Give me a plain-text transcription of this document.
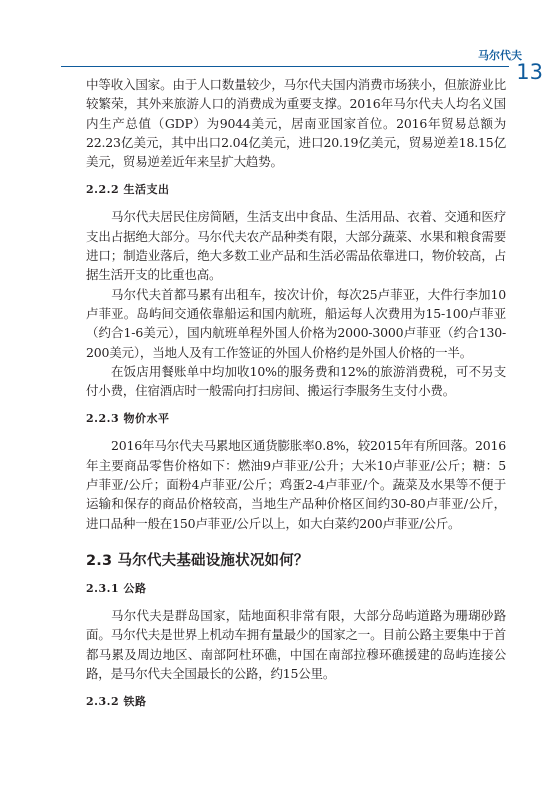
马尔代夫
13

中等收入国家。由于人口数量较少，马尔代夫国内消费市场狭小，但旅游业比较繁荣，其外来旅游人口的消费成为重要支撑。2016年马尔代夫人均名义国内生产总值（GDP）为9044美元，居南亚国家首位。2016年贸易总额为22.23亿美元，其中出口2.04亿美元，进口20.19亿美元，贸易逆差18.15亿美元，贸易逆差近年来呈扩大趋势。

2.2.2 生活支出

马尔代夫居民住房简陋，生活支出中食品、生活用品、衣着、交通和医疗支出占据绝大部分。马尔代夫农产品种类有限，大部分蔬菜、水果和粮食需要进口；制造业落后，绝大多数工业产品和生活必需品依靠进口，物价较高，占据生活开支的比重也高。

马尔代夫首都马累有出租车，按次计价，每次25卢菲亚，大件行李加10卢菲亚。岛屿间交通依靠船运和国内航班，船运每人次费用为15-100卢菲亚（约合1-6美元），国内航班单程外国人价格为2000-3000卢菲亚（约合130-200美元），当地人及有工作签证的外国人价格约是外国人价格的一半。

在饭店用餐账单中均加收10%的服务费和12%的旅游消费税，可不另支付小费，住宿酒店时一般需向打扫房间、搬运行李服务生支付小费。

2.2.3 物价水平

2016年马尔代夫马累地区通货膨胀率0.8%，较2015年有所回落。2016年主要商品零售价格如下：燃油9卢菲亚/公升；大米10卢菲亚/公斤；糖：5卢菲亚/公斤；面粉4卢菲亚/公斤；鸡蛋2-4卢菲亚/个。蔬菜及水果等不便于运输和保存的商品价格较高，当地生产品种价格区间约30-80卢菲亚/公斤，进口品种一般在150卢菲亚/公斤以上，如大白菜约200卢菲亚/公斤。

2.3 马尔代夫基础设施状况如何？
2.3.1 公路

马尔代夫是群岛国家，陆地面积非常有限，大部分岛屿道路为珊瑚砂路面。马尔代夫是世界上机动车拥有量最少的国家之一。目前公路主要集中于首都马累及周边地区、南部阿杜环礁，中国在南部拉穆环礁援建的岛屿连接公路，是马尔代夫全国最长的公路，约15公里。

2.3.2 铁路
